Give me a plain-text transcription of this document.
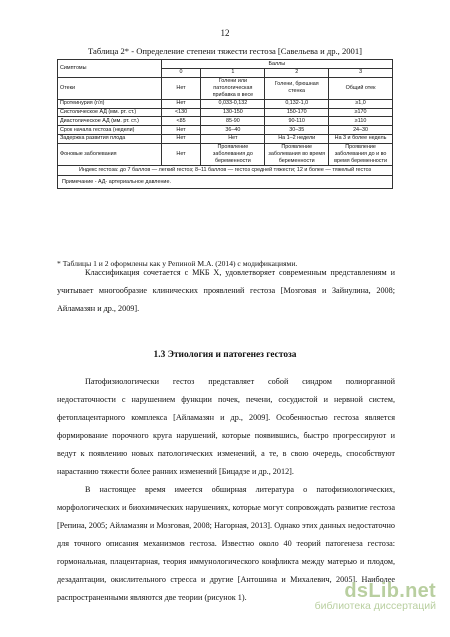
12
Таблица 2* - Определение степени тяжести гестоза [Савельева и др., 2001]
Симптомы	Баллы			
	0	1	2	3
Отеки	Нет	Голени или патологическая прибавка в весе	Голени, брюшная стенка	Общий отек
Протеинурия (г/л)	Нет	0,033-0,132	0,132-1,0	≥1,0
Систолическое АД (мм. рт. ст.)	<130	130-150	150-170	≥170
Диастолическое АД (мм. рт. ст.)	<85	85-90	90-110	≥110
Срок начала гестоза (недели)	Нет	36–40	30–35	24–30
Задержка развития плода	Нет	Нет	На 1–2 недели	На 3 и более недель
Фоновые заболевания	Нет	Проявление заболевания до беременности	Проявление заболевания во время беременности	Проявление заболевания до и во время беременности
Индекс гестоза: до 7 баллов — легкий гестоз; 8–11 баллов — гестоз средней тяжести; 12 и более — тяжелый гестоз				
Примечание - АД- артериальное давление.				
* Таблицы 1 и 2 оформлены как у Репиной М.А. (2014) с модификациями.

Классификация сочетается с МКБ Х, удовлетворяет современным представлениям и учитывает многообразие клинических проявлений гестоза [Мозговая и Зайнулина, 2008; Айламазян и др., 2009].

1.3 Этиология и патогенез гестоза

Патофизиологически гестоз представляет собой синдром полиорганной недостаточности с нарушением функции почек, печени, сосудистой и нервной систем, фетоплацентарного комплекса [Айламазян и др., 2009]. Особенностью гестоза является формирование порочного круга нарушений, которые появившись, быстро прогрессируют и ведут к появлению новых патологических изменений, а те, в свою очередь, способствуют нарастанию тяжести более ранних изменений [Бицадзе и др., 2012].

В настоящее время имеется обширная литература о патофизиологических, морфологических и биохимических нарушениях, которые могут сопровождать развитие гестоза [Репина, 2005; Айламазян и Мозговая, 2008; Нагорная, 2013]. Однако этих данных недостаточно для точного описания механизмов гестоза. Известно около 40 теорий патогенеза гестоза: гормональная, плацентарная, теория иммунологического конфликта между матерью и плодом, дезадаптации, окислительного стресса и другие [Антошина и Михалевич, 2005]. Наиболее распространенными являются две теории (рисунок 1).	dsLib.net
библиотека диссертаций
